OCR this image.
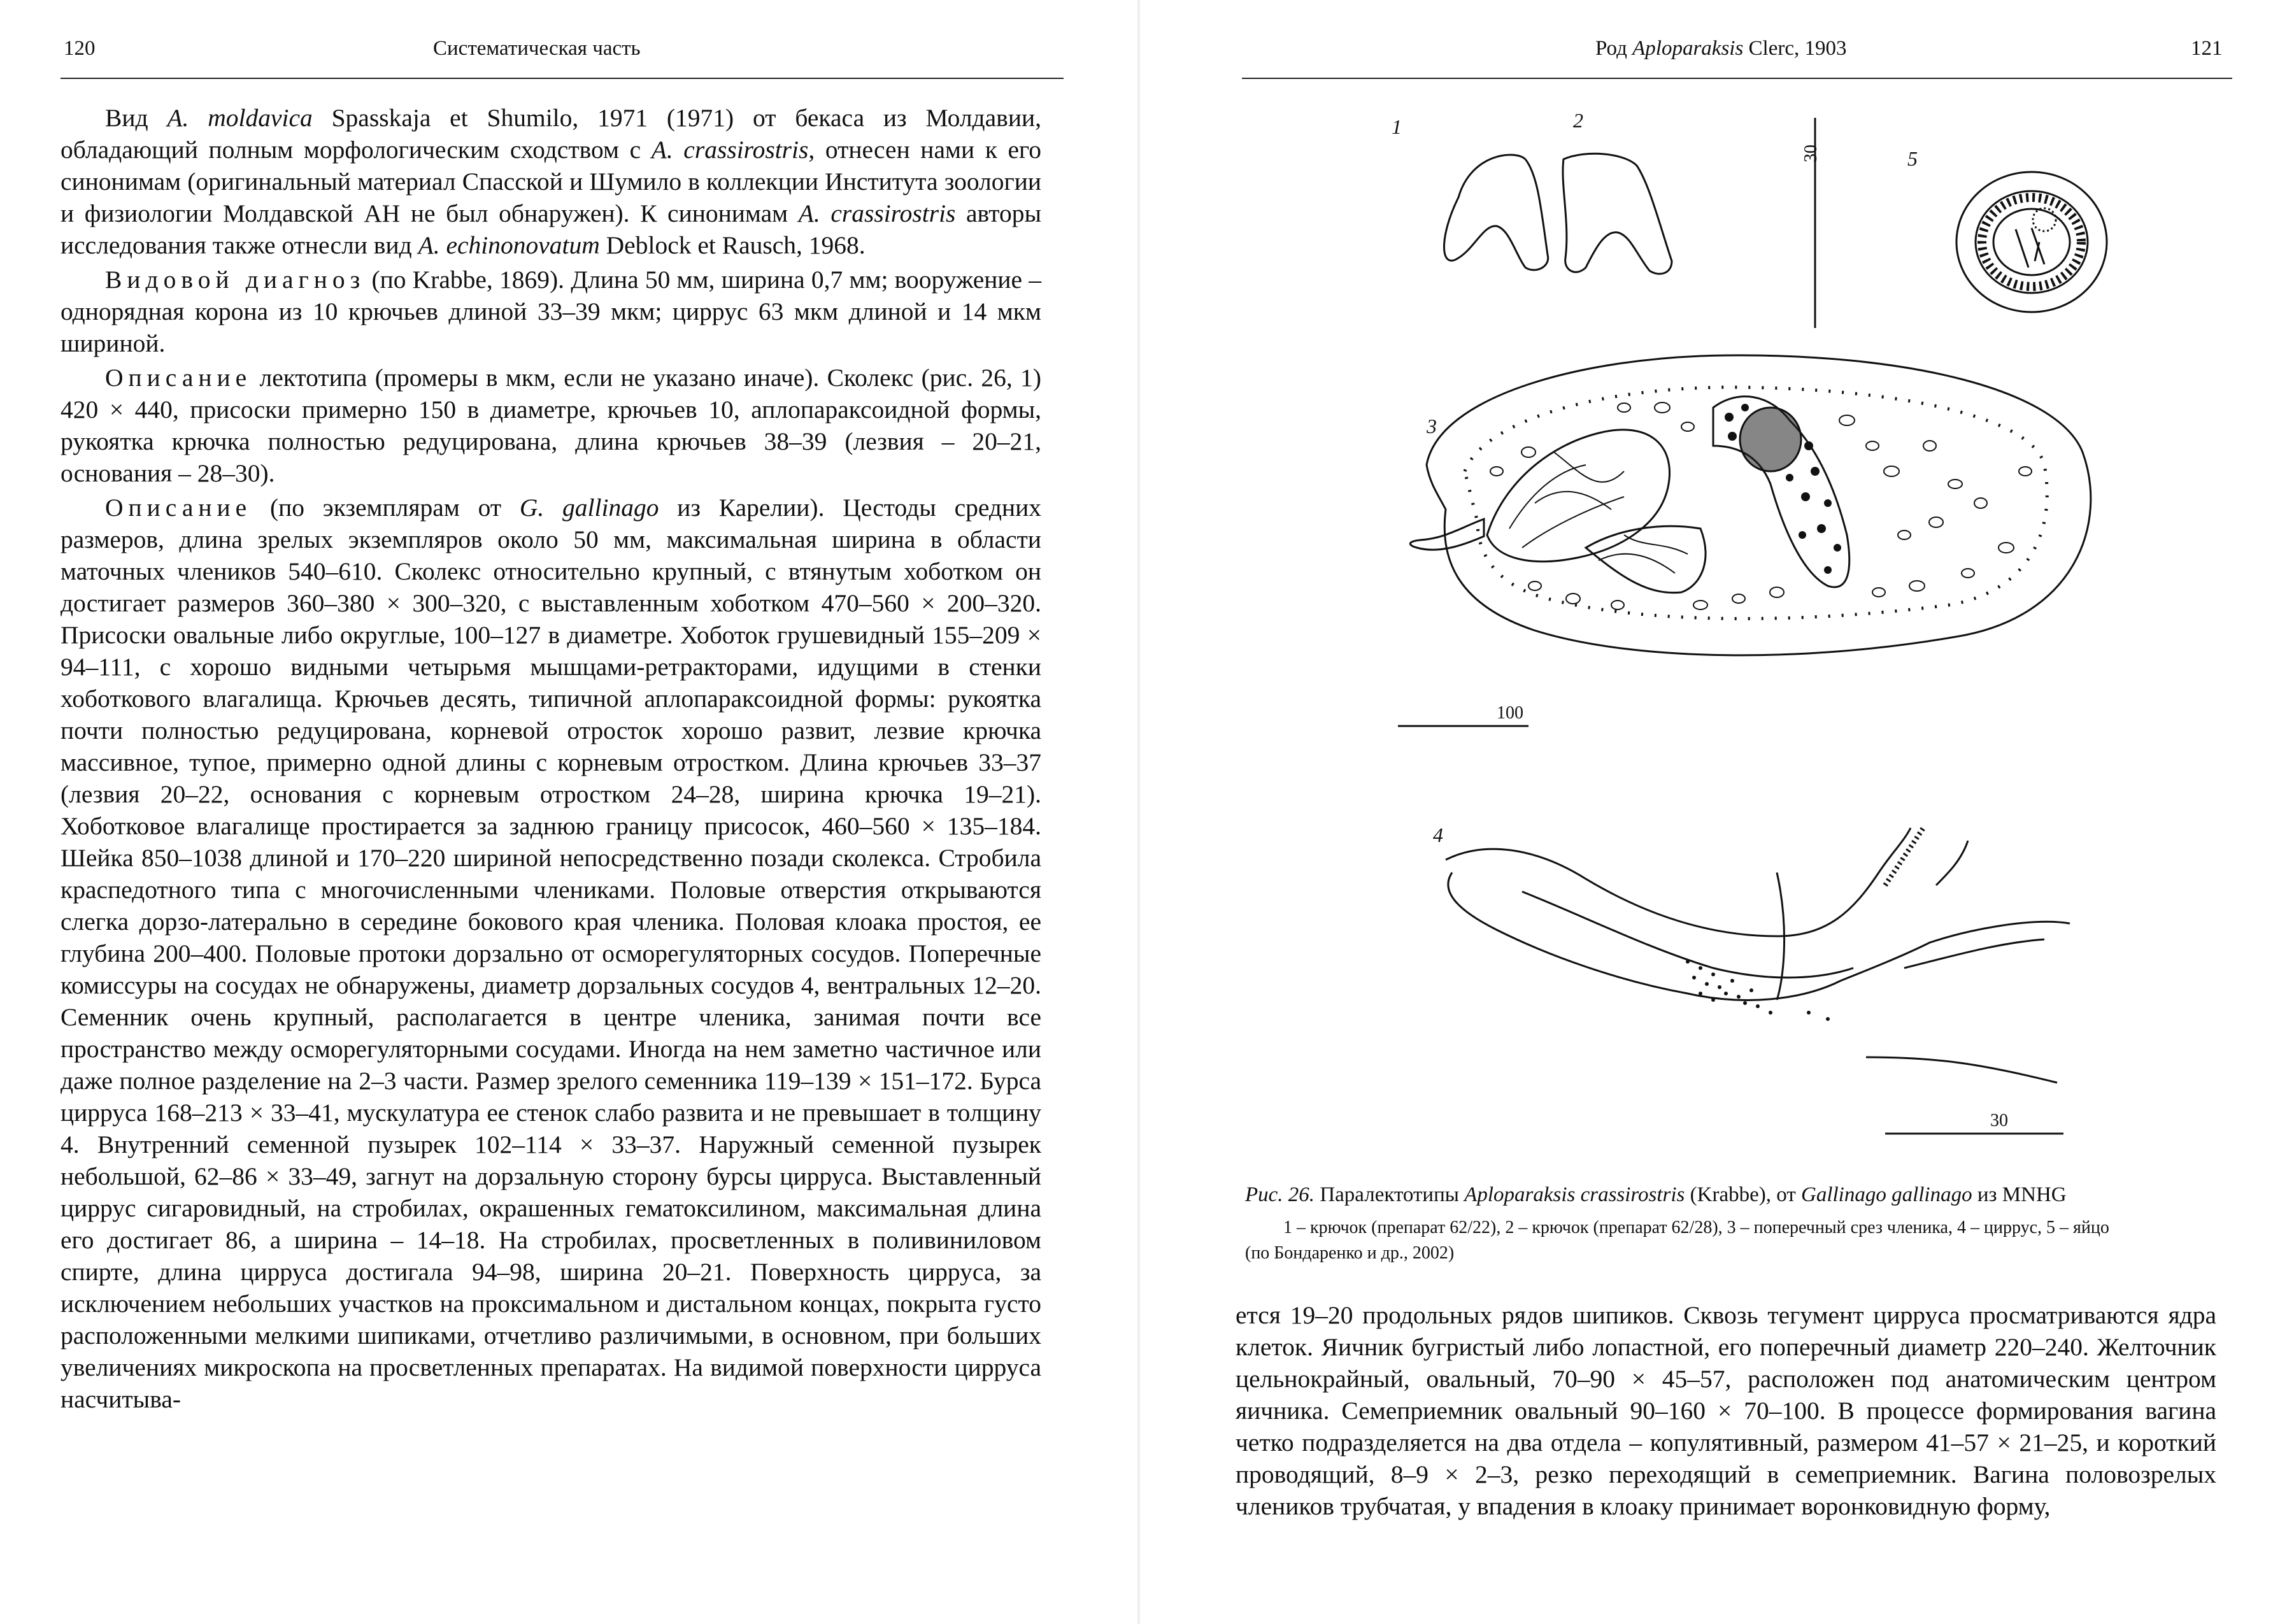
120	Систематическая часть

Вид A. moldavica Spasskaja et Shumilo, 1971 (1971) от бекаса из Молдавии, обладающий полным морфологическим сходством с A. crassirostris, отнесен нами к его синонимам (оригинальный материал Спасской и Шумило в коллекции Института зоологии и физиологии Молдавской АН не был обнаружен). К синонимам A. crassirostris авторы исследования также отнесли вид A. echinonovatum Deblock et Rausch, 1968.

Видовой диагноз (по Krabbe, 1869). Длина 50 мм, ширина 0,7 мм; вооружение – однорядная корона из 10 крючьев длиной 33–39 мкм; циррус 63 мкм длиной и 14 мкм шириной.

Описание лектотипа (промеры в мкм, если не указано иначе). Сколекс (рис. 26, 1) 420 × 440, присоски примерно 150 в диаметре, крючьев 10, аплопараксоидной формы, рукоятка крючка полностью редуцирована, длина крючьев 38–39 (лезвия – 20–21, основания – 28–30).

Описание (по экземплярам от G. gallinago из Карелии). Цестоды средних размеров, длина зрелых экземпляров около 50 мм, максимальная ширина в области маточных члеников 540–610. Сколекс относительно крупный, с втянутым хоботком он достигает размеров 360–380 × 300–320, с выставленным хоботком 470–560 × 200–320. Присоски овальные либо округлые, 100–127 в диаметре. Хоботок грушевидный 155–209 × 94–111, с хорошо видными четырьмя мышцами-ретракторами, идущими в стенки хоботкового влагалища. Крючьев десять, типичной аплопараксоидной формы: рукоятка почти полностью редуцирована, корневой отросток хорошо развит, лезвие крючка массивное, тупое, примерно одной длины с корневым отростком. Длина крючьев 33–37 (лезвия 20–22, основания с корневым отростком 24–28, ширина крючка 19–21). Хоботковое влагалище простирается за заднюю границу присосок, 460–560 × 135–184. Шейка 850–1038 длиной и 170–220 шириной непосредственно позади сколекса. Стробила краспедотного типа с многочисленными члениками. Половые отверстия открываются слегка дорзо-латерально в середине бокового края членика. Половая клоака простоя, ее глубина 200–400. Половые протоки дорзально от осморегуляторных сосудов. Поперечные комиссуры на сосудах не обнаружены, диаметр дорзальных сосудов 4, вентральных 12–20. Семенник очень крупный, располагается в центре членика, занимая почти все пространство между осморегуляторными сосудами. Иногда на нем заметно частичное или даже полное разделение на 2–3 части. Размер зрелого семенника 119–139 × 151–172. Бурса цирруса 168–213 × 33–41, мускулатура ее стенок слабо развита и не превышает в толщину 4. Внутренний семенной пузырек 102–114 × 33–37. Наружный семенной пузырек небольшой, 62–86 × 33–49, загнут на дорзальную сторону бурсы цирруса. Выставленный циррус сигаровидный, на стробилах, окрашенных гематоксилином, максимальная длина его достигает 86, а ширина – 14–18. На стробилах, просветленных в поливиниловом спирте, длина цирруса достигала 94–98, ширина 20–21. Поверхность цирруса, за исключением небольших участков на проксимальном и дистальном концах, покрыта густо расположенными мелкими шипиками, отчетливо различимыми, в основном, при больших увеличениях микроскопа на просветленных препаратах. На видимой поверхности цирруса насчитыва-

Род Aploparaksis Clerc, 1903	121
1	2
3
4
5
30
100
30
Рис. 26. Паралектотипы Aploparaksis crassirostris (Krabbe), от Gallinago gallinago из MNHG
1 – крючок (препарат 62/22), 2 – крючок (препарат 62/28), 3 – поперечный срез членика, 4 – циррус, 5 – яйцо (по Бондаренко и др., 2002)

ется 19–20 продольных рядов шипиков. Сквозь тегумент цирруса просматриваются ядра клеток. Яичник бугристый либо лопастной, его поперечный диаметр 220–240. Желточник цельнокрайный, овальный, 70–90 × 45–57, расположен под анатомическим центром яичника. Семеприемник овальный 90–160 × 70–100. В процессе формирования вагина четко подразделяется на два отдела – копулятивный, размером 41–57 × 21–25, и короткий проводящий, 8–9 × 2–3, резко переходящий в семеприемник. Вагина половозрелых члеников трубчатая, у впадения в клоаку принимает воронковидную форму,
